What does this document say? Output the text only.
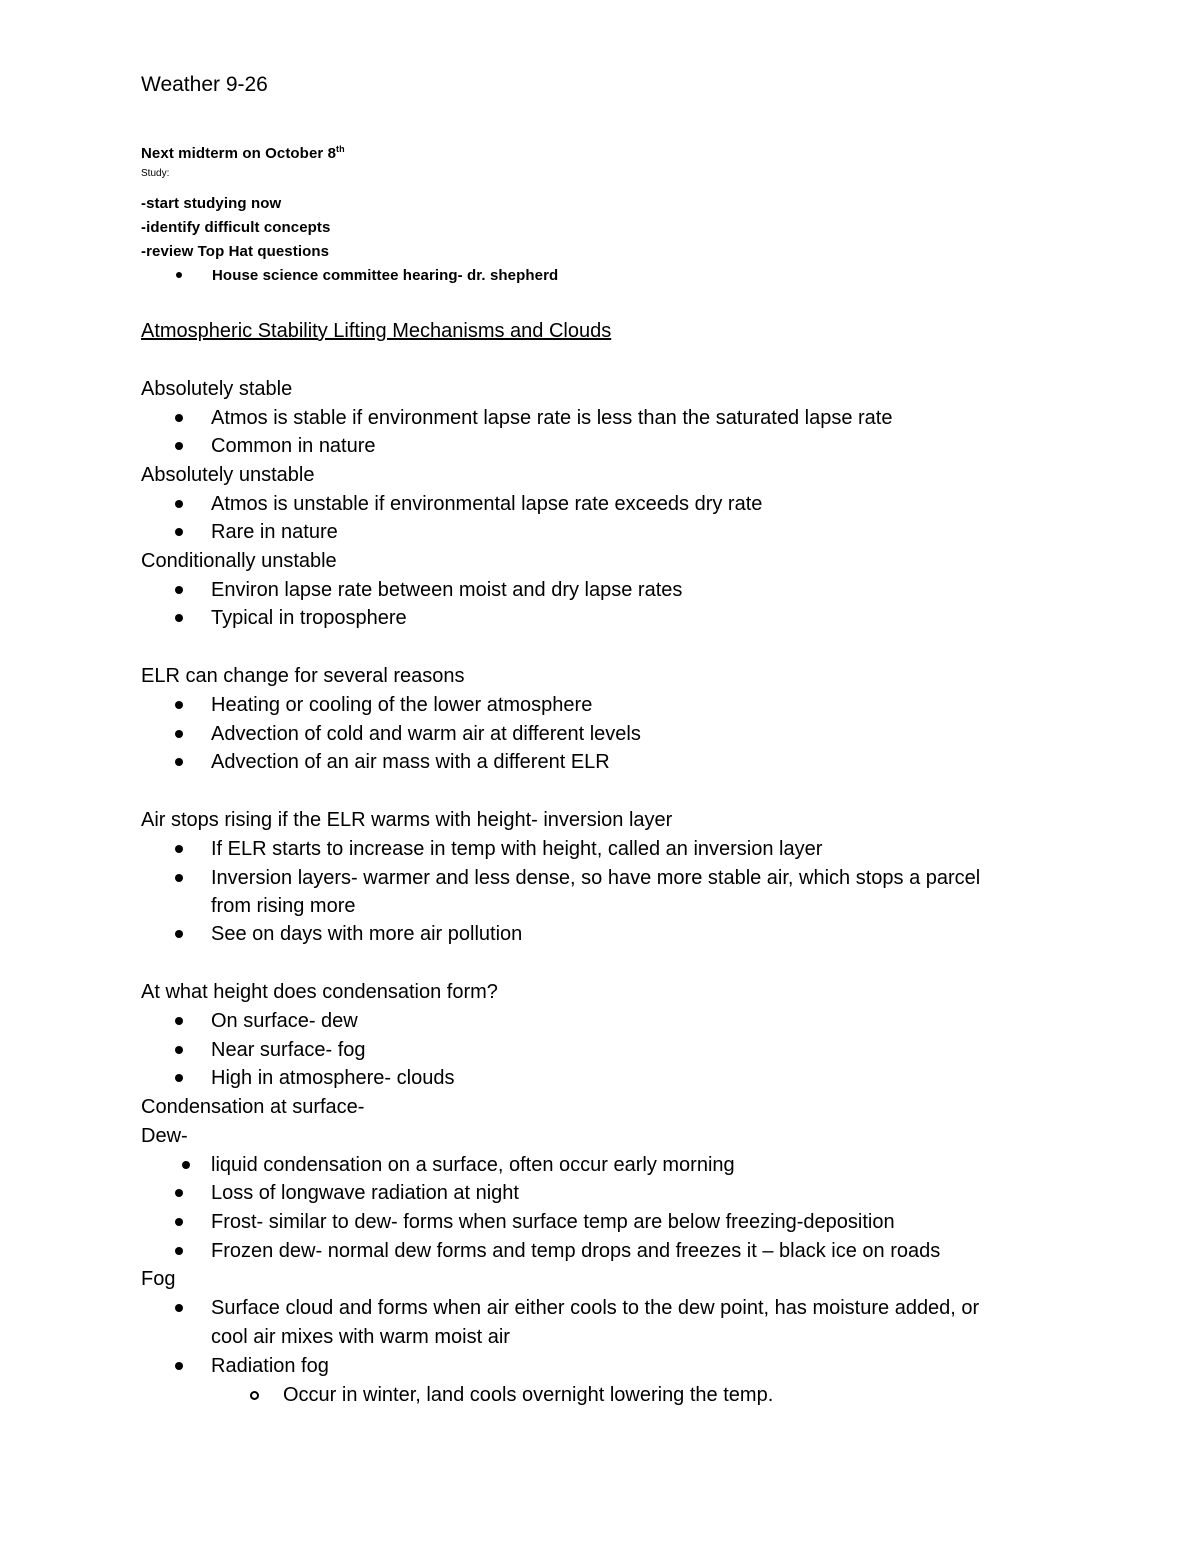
Weather 9-26
Next midterm on October 8th
Study:
-start studying now
-identify difficult concepts
-review Top Hat questions
House science committee hearing- dr. shepherd
Atmospheric Stability Lifting Mechanisms and Clouds
Absolutely stable
Atmos is stable if environment lapse rate is less than the saturated lapse rate
Common in nature
Absolutely unstable
Atmos is unstable if environmental lapse rate exceeds dry rate
Rare in nature
Conditionally unstable
Environ lapse rate between moist and dry lapse rates
Typical in troposphere
ELR can change for several reasons
Heating or cooling of the lower atmosphere
Advection of cold and warm air at different levels
Advection of an air mass with a different ELR
Air stops rising if the ELR warms with height- inversion layer
If ELR starts to increase in temp with height, called an inversion layer
Inversion layers- warmer and less dense, so have more stable air, which stops a parcel
from rising more
See on days with more air pollution
At what height does condensation form?
On surface- dew
Near surface- fog
High in atmosphere- clouds
Condensation at surface-
Dew-
liquid condensation on a surface, often occur early morning
Loss of longwave radiation at night
Frost- similar to dew- forms when surface temp are below freezing-deposition
Frozen dew- normal dew forms and temp drops and freezes it – black ice on roads
Fog
Surface cloud and forms when air either cools to the dew point, has moisture added, or
cool air mixes with warm moist air
Radiation fog
Occur in winter, land cools overnight lowering the temp.
